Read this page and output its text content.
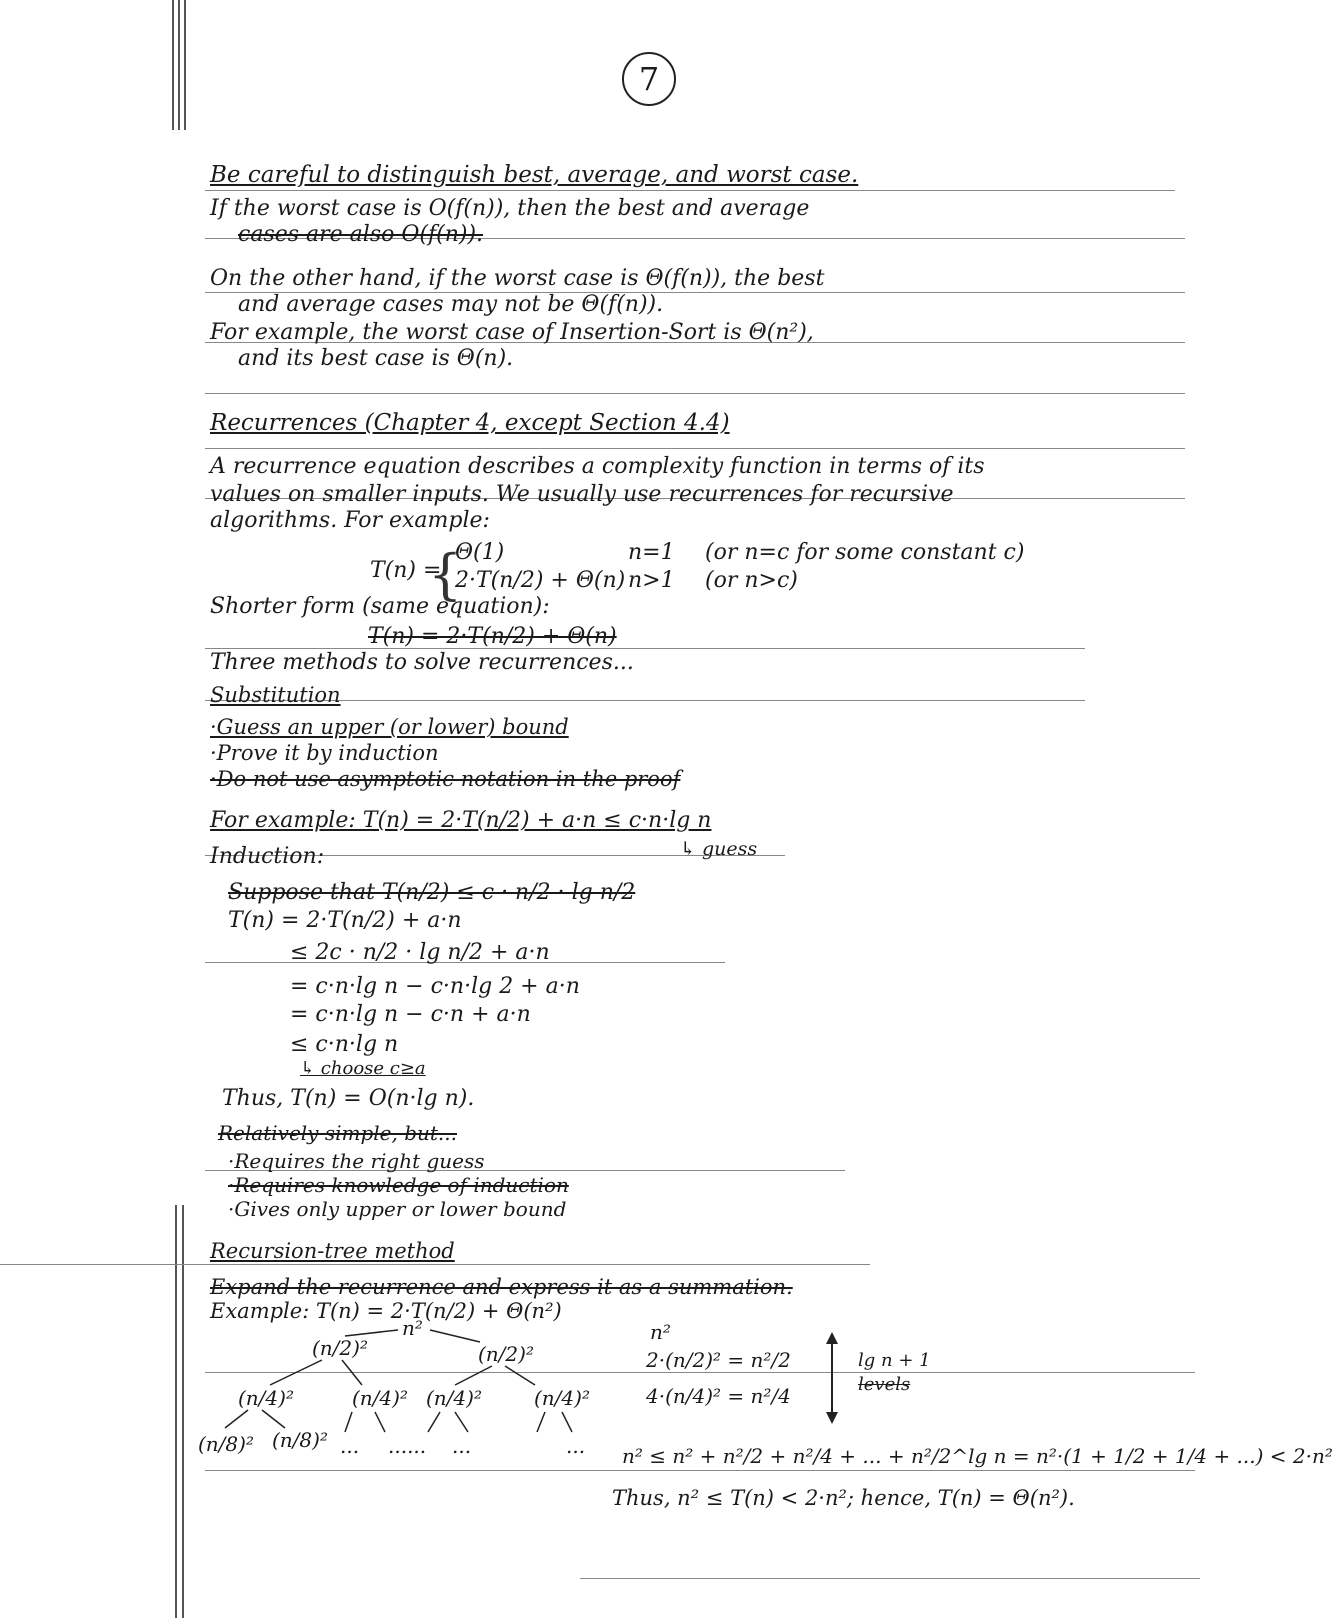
7
Be careful to distinguish best, average, and worst case.
If the worst case is O(f(n)), then the best and average
cases are also O(f(n)).
On the other hand, if the worst case is Θ(f(n)), the best
and average cases may not be Θ(f(n)).
For example, the worst case of Insertion-Sort is Θ(n²),
and its best case is Θ(n).
Recurrences (Chapter 4, except Section 4.4)
A recurrence equation describes a complexity function in terms of its
values on smaller inputs. We usually use recurrences for recursive
algorithms. For example:
T(n) =
{
Θ(1)	n=1 (or n=c for some constant c)
2·T(n/2) + Θ(n) n>1 (or n>c)
Shorter form (same equation):
T(n) = 2·T(n/2) + Θ(n)
Three methods to solve recurrences...
Substitution
·Guess an upper (or lower) bound
·Prove it by induction
·Do not use asymptotic notation in the proof
For example: T(n) = 2·T(n/2) + a·n ≤ c·n·lg n
↳ guess
Induction:
Suppose that T(n/2) ≤ c · n/2 · lg n/2
T(n) = 2·T(n/2) + a·n
≤ 2c · n/2 · lg n/2 + a·n
= c·n·lg n − c·n·lg 2 + a·n
= c·n·lg n − c·n + a·n
≤ c·n·lg n
↳ choose c≥a
Thus, T(n) = O(n·lg n).
Relatively simple, but...
·Requires the right guess
·Requires knowledge of induction
·Gives only upper or lower bound
Recursion-tree method
Expand the recurrence and express it as a summation.
Example: T(n) = 2·T(n/2) + Θ(n²)
n²
(n/2)²	(n/2)²
(n/4)²	(n/4)² (n/4)²	(n/4)²
(n/8)² (n/8)² ... ...... ...	...
n²
2·(n/2)² = n²/2
4·(n/4)² = n²/4
lg n + 1
levels
n² ≤ n² + n²/2 + n²/4 + ... + n²/2^lg n = n²·(1 + 1/2 + 1/4 + ...) < 2·n²
Thus, n² ≤ T(n) < 2·n²; hence, T(n) = Θ(n²).
